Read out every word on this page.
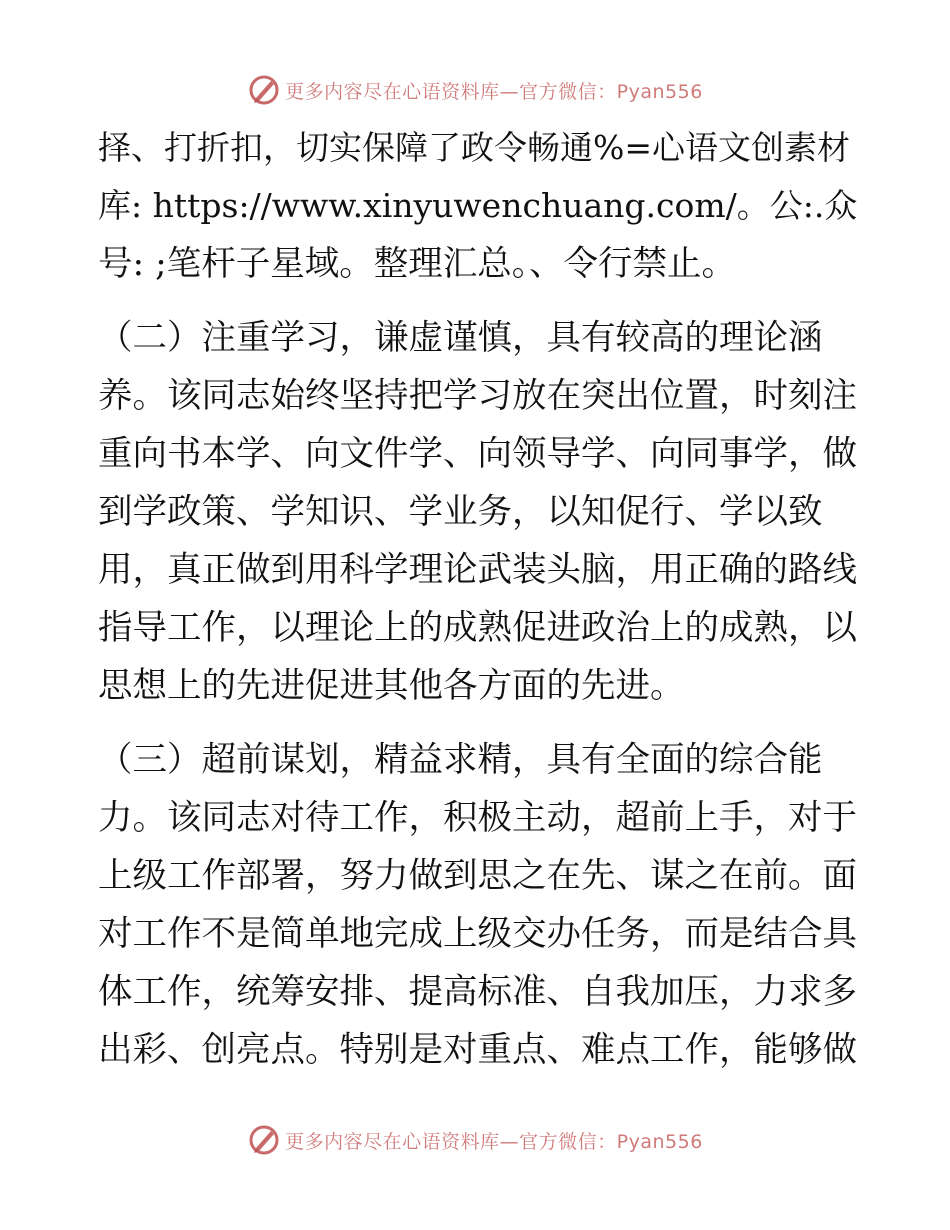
更多内容尽在心语资料库—官方微信：Pyan556
择、打折扣，切实保障了政令畅通%=心语文创素材
库: https://www.xinyuwenchuang.com/。公:.众
号: ;笔杆子星域。整理汇总。、令行禁止。
（二）注重学习，谦虚谨慎，具有较高的理论涵
养。该同志始终坚持把学习放在突出位置，时刻注
重向书本学、向文件学、向领导学、向同事学，做
到学政策、学知识、学业务，以知促行、学以致
用，真正做到用科学理论武装头脑，用正确的路线
指导工作，以理论上的成熟促进政治上的成熟，以
思想上的先进促进其他各方面的先进。
（三）超前谋划，精益求精，具有全面的综合能
力。该同志对待工作，积极主动，超前上手，对于
上级工作部署，努力做到思之在先、谋之在前。面
对工作不是简单地完成上级交办任务，而是结合具
体工作，统筹安排、提高标准、自我加压，力求多
出彩、创亮点。特别是对重点、难点工作，能够做
更多内容尽在心语资料库—官方微信：Pyan556
